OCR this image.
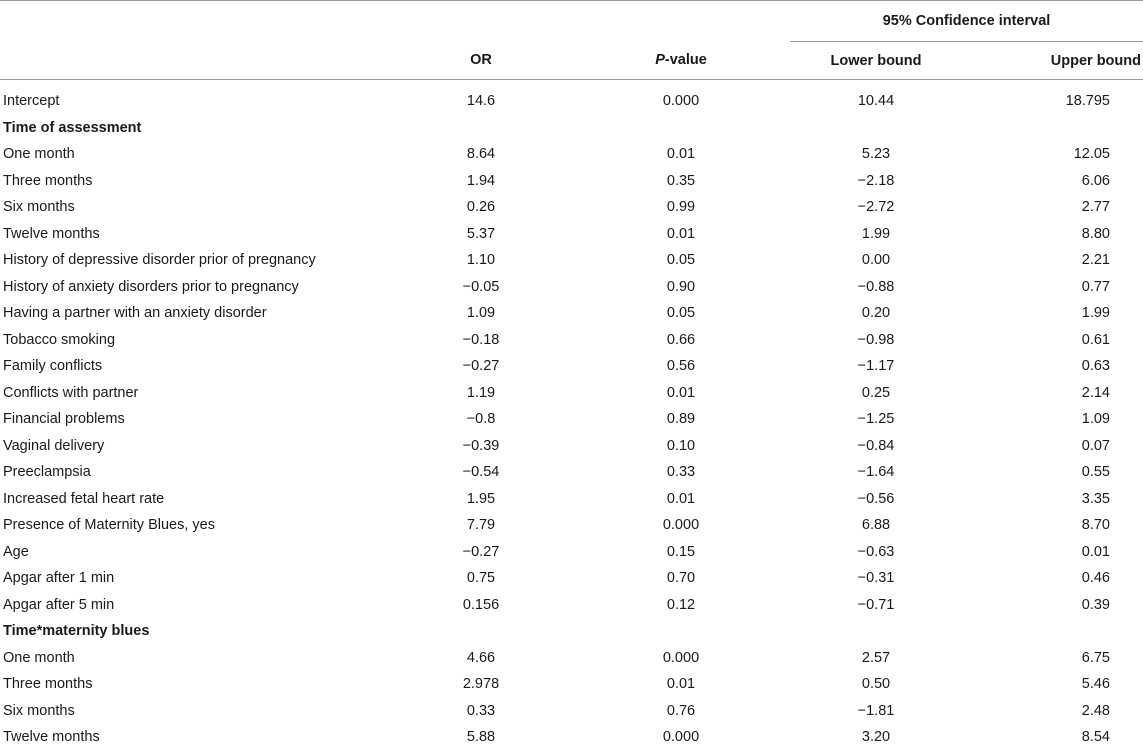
			95% Confidence interval	
	OR	P-value	Lower bound	Upper bound

Intercept	14.6	0.000	10.44	18.795
Time of assessment				
One month	8.64	0.01	5.23	12.05
Three months	1.94	0.35	−2.18	6.06
Six months	0.26	0.99	−2.72	2.77
Twelve months	5.37	0.01	1.99	8.80
History of depressive disorder prior of pregnancy	1.10	0.05	0.00	2.21
History of anxiety disorders prior to pregnancy	−0.05	0.90	−0.88	0.77
Having a partner with an anxiety disorder	1.09	0.05	0.20	1.99
Tobacco smoking	−0.18	0.66	−0.98	0.61
Family conflicts	−0.27	0.56	−1.17	0.63
Conflicts with partner	1.19	0.01	0.25	2.14
Financial problems	−0.8	0.89	−1.25	1.09
Vaginal delivery	−0.39	0.10	−0.84	0.07
Preeclampsia	−0.54	0.33	−1.64	0.55
Increased fetal heart rate	1.95	0.01	−0.56	3.35
Presence of Maternity Blues, yes	7.79	0.000	6.88	8.70
Age	−0.27	0.15	−0.63	0.01
Apgar after 1 min	0.75	0.70	−0.31	0.46
Apgar after 5 min	0.156	0.12	−0.71	0.39
Time*maternity blues				
One month	4.66	0.000	2.57	6.75
Three months	2.978	0.01	0.50	5.46
Six months	0.33	0.76	−1.81	2.48
Twelve months	5.88	0.000	3.20	8.54
